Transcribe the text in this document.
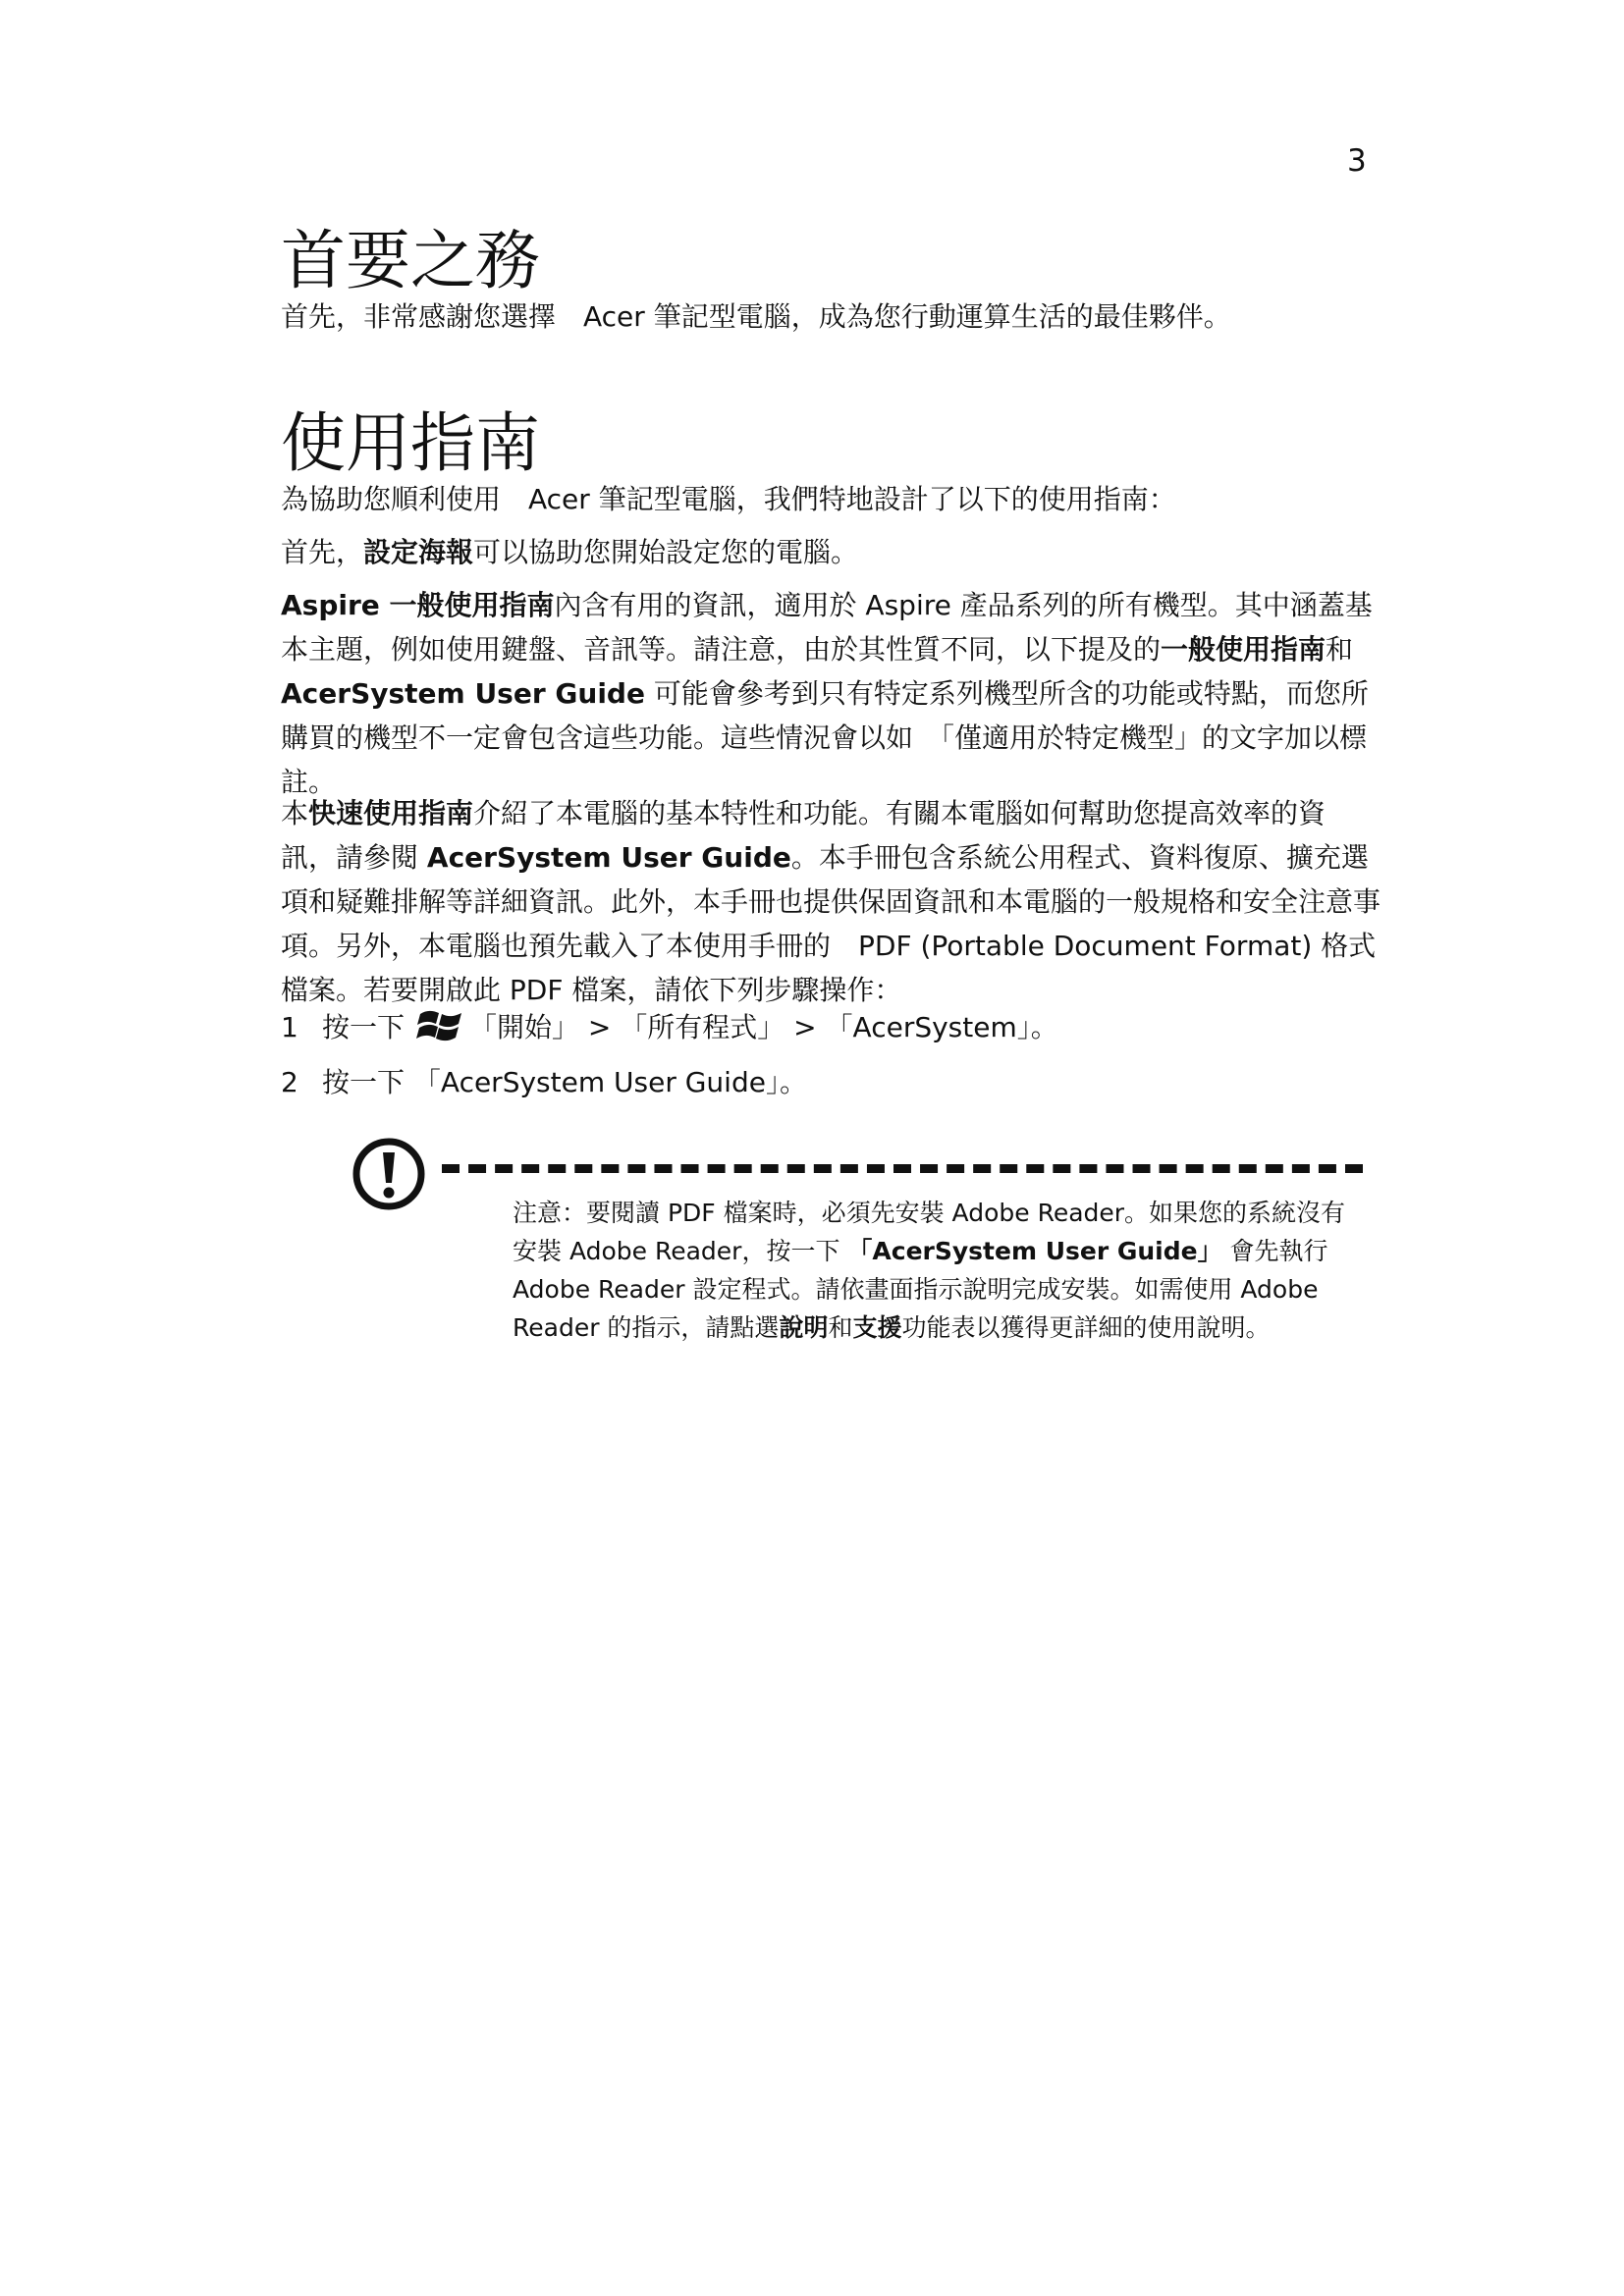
3
首要之務

首先，非常感謝您選擇　Acer 筆記型電腦，成為您行動運算生活的最佳夥伴。

使用指南

為協助您順利使用　Acer 筆記型電腦，我們特地設計了以下的使用指南：

首先，設定海報可以協助您開始設定您的電腦。

Aspire 一般使用指南內含有用的資訊，適用於 Aspire 產品系列的所有機型。其中涵蓋基本主題，例如使用鍵盤、音訊等。請注意，由於其性質不同，以下提及的一般使用指南和 AcerSystem User Guide 可能會參考到只有特定系列機型所含的功能或特點，而您所購買的機型不一定會包含這些功能。這些情況會以如　「僅適用於特定機型」的文字加以標註。

本快速使用指南介紹了本電腦的基本特性和功能。有關本電腦如何幫助您提高效率的資訊，請參閱 AcerSystem User Guide。本手冊包含系統公用程式、資料復原、擴充選項和疑難排解等詳細資訊。此外，本手冊也提供保固資訊和本電腦的一般規格和安全注意事項。另外，本電腦也預先載入了本使用手冊的　PDF (Portable Document Format) 格式檔案。若要開啟此 PDF 檔案，請依下列步驟操作：

1 按一下 「開始」 > 「所有程式」 > 「AcerSystem」。
2 按一下 「AcerSystem User Guide」。
注意：要閱讀 PDF 檔案時，必須先安裝 Adobe Reader。如果您的系統沒有安裝 Adobe Reader，按一下 「AcerSystem User Guide」 會先執行 Adobe Reader 設定程式。請依畫面指示說明完成安裝。如需使用 Adobe Reader 的指示，請點選說明和支援功能表以獲得更詳細的使用說明。
